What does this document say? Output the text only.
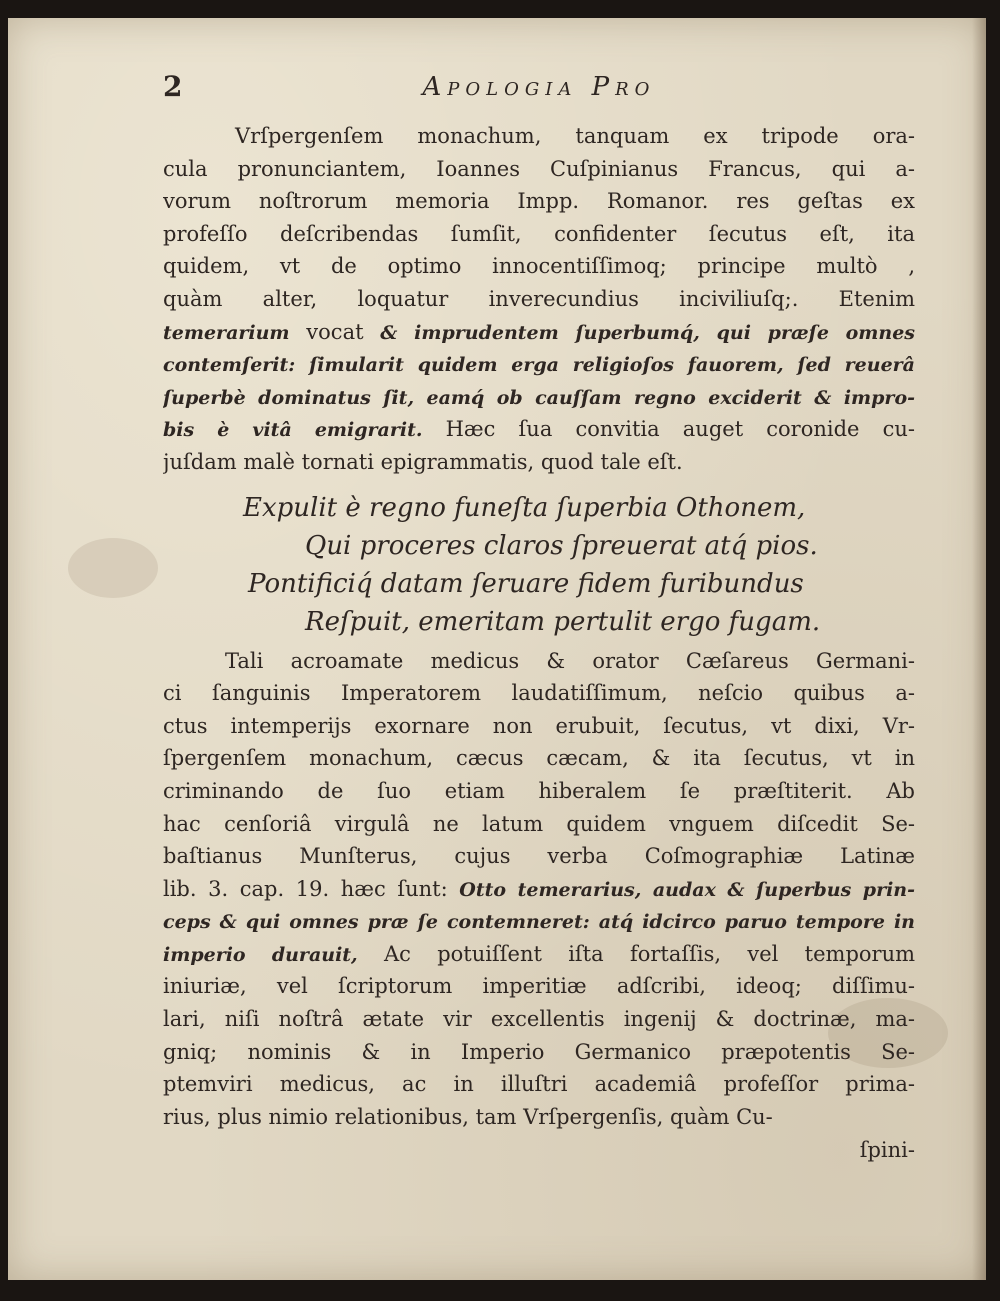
2	Apologia Pro
Vrſpergenſem monachum, tanquam ex tripode ora-
cula pronunciantem, Ioannes Cuſpinianus Francus, qui a-
vorum noſtrorum memoria Impp. Romanor. res geſtas ex
profeſſo deſcribendas ſumſit, confidenter ſecutus eſt, ita
quidem, vt de optimo innocentiſſimoq; principe multò ,
quàm alter, loquatur inverecundius inciviliuſq;. Etenim
temerarium vocat & imprudentem ſuperbumq́, qui præſe omnes
contemſerit: ſimularit quidem erga religioſos fauorem, ſed reuerâ
ſuperbè dominatus ſit, eamq́ ob cauſſam regno exciderit & impro-
bis è vitâ emigrarit. Hæc ſua convitia auget coronide cu-
juſdam malè tornati epigrammatis, quod tale eſt.
Expulit è regno funeſta ſuperbia Othonem,
Qui proceres claros ſpreuerat atq́ pios.
Pontificiq́ datam ſeruare fidem furibundus
Reſpuit, emeritam pertulit ergo fugam.
Tali acroamate medicus & orator Cæſareus Germani-
ci ſanguinis Imperatorem laudatiſſimum, neſcio quibus a-
ctus intemperijs exornare non erubuit, ſecutus, vt dixi, Vr-
ſpergenſem monachum, cæcus cæcam, & ita ſecutus, vt in
criminando de ſuo etiam hiberalem ſe præſtiterit. Ab
hac cenſoriâ virgulâ ne latum quidem vnguem diſcedit Se-
baſtianus Munſterus, cujus verba Coſmographiæ Latinæ
lib. 3. cap. 19. hæc ſunt: Otto temerarius, audax & ſuperbus prin-
ceps & qui omnes præ ſe contemneret: atq́ idcirco paruo tempore in
imperio durauit, Ac potuiſſent iſta fortaſſis, vel temporum
iniuriæ, vel ſcriptorum imperitiæ adſcribi, ideoq; diſſimu-
lari, niſi noſtrâ ætate vir excellentis ingenij & doctrinæ, ma-
gniq; nominis & in Imperio Germanico præpotentis Se-
ptemviri medicus, ac in illuſtri academiâ profeſſor prima-
rius, plus nimio relationibus, tam Vrſpergenſis, quàm Cu-
ſpini-
